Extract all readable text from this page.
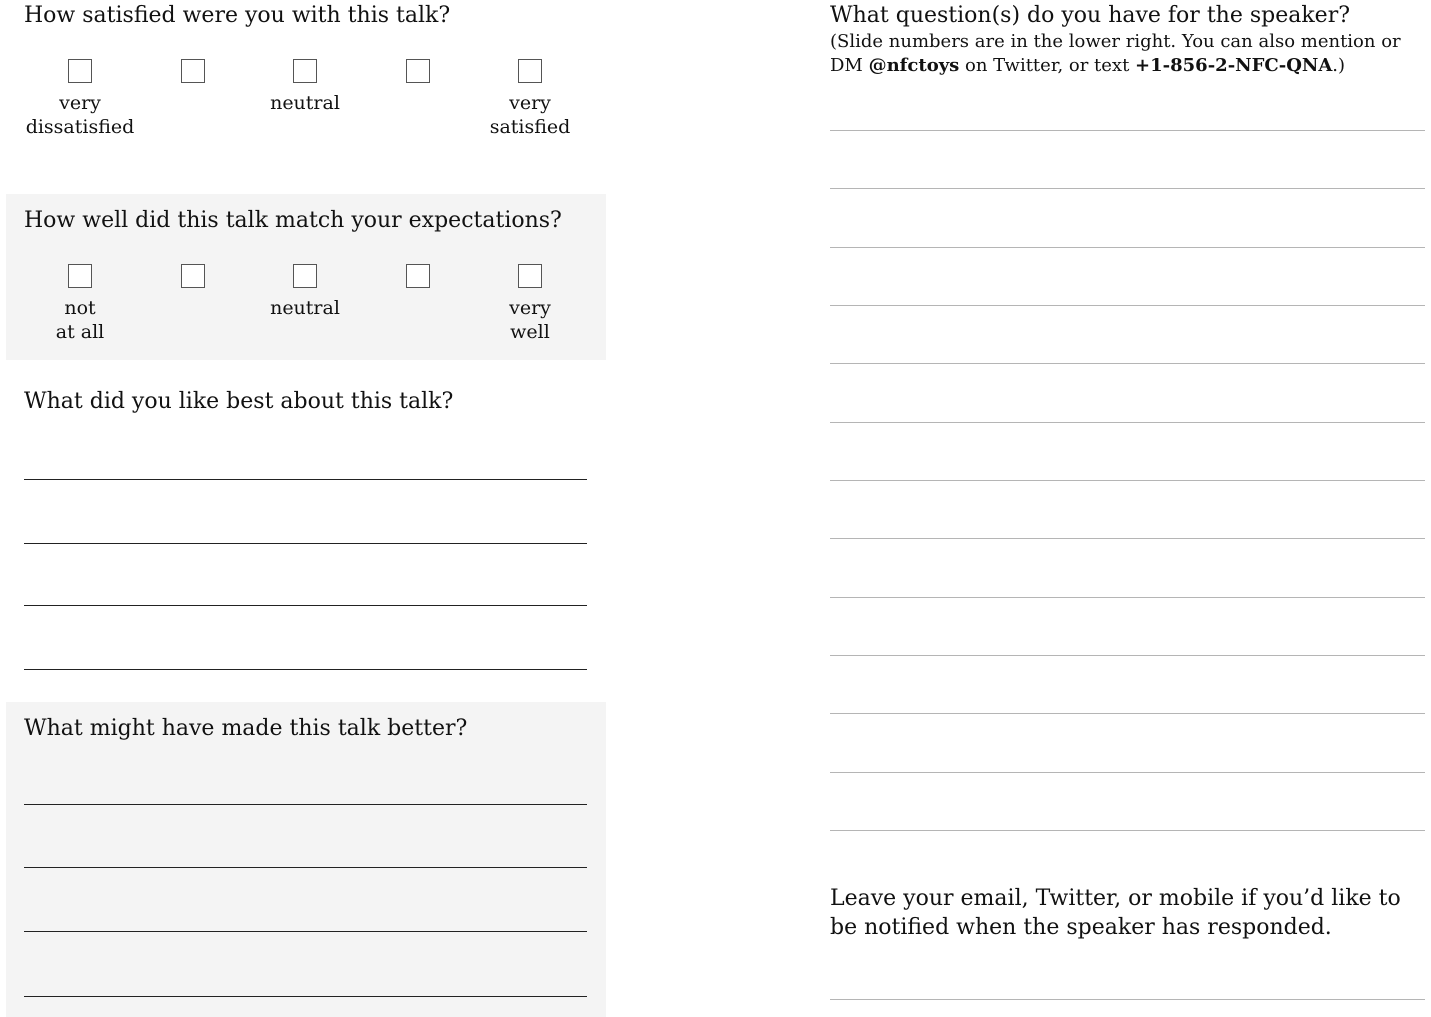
How satisfied were you with this talk?
very
dissatisfied
neutral	very
satisfied
How well did this talk match your expectations?
not
at all
neutral	very
well
What did you like best about this talk?
What might have made this talk better?
What question(s) do you have for the speaker?
(Slide numbers are in the lower right. You can also mention or DM @nfctoys on Twitter, or text +1-856-2-NFC-QNA.)
Leave your email, Twitter, or mobile if you’d like to be notified when the speaker has responded.
